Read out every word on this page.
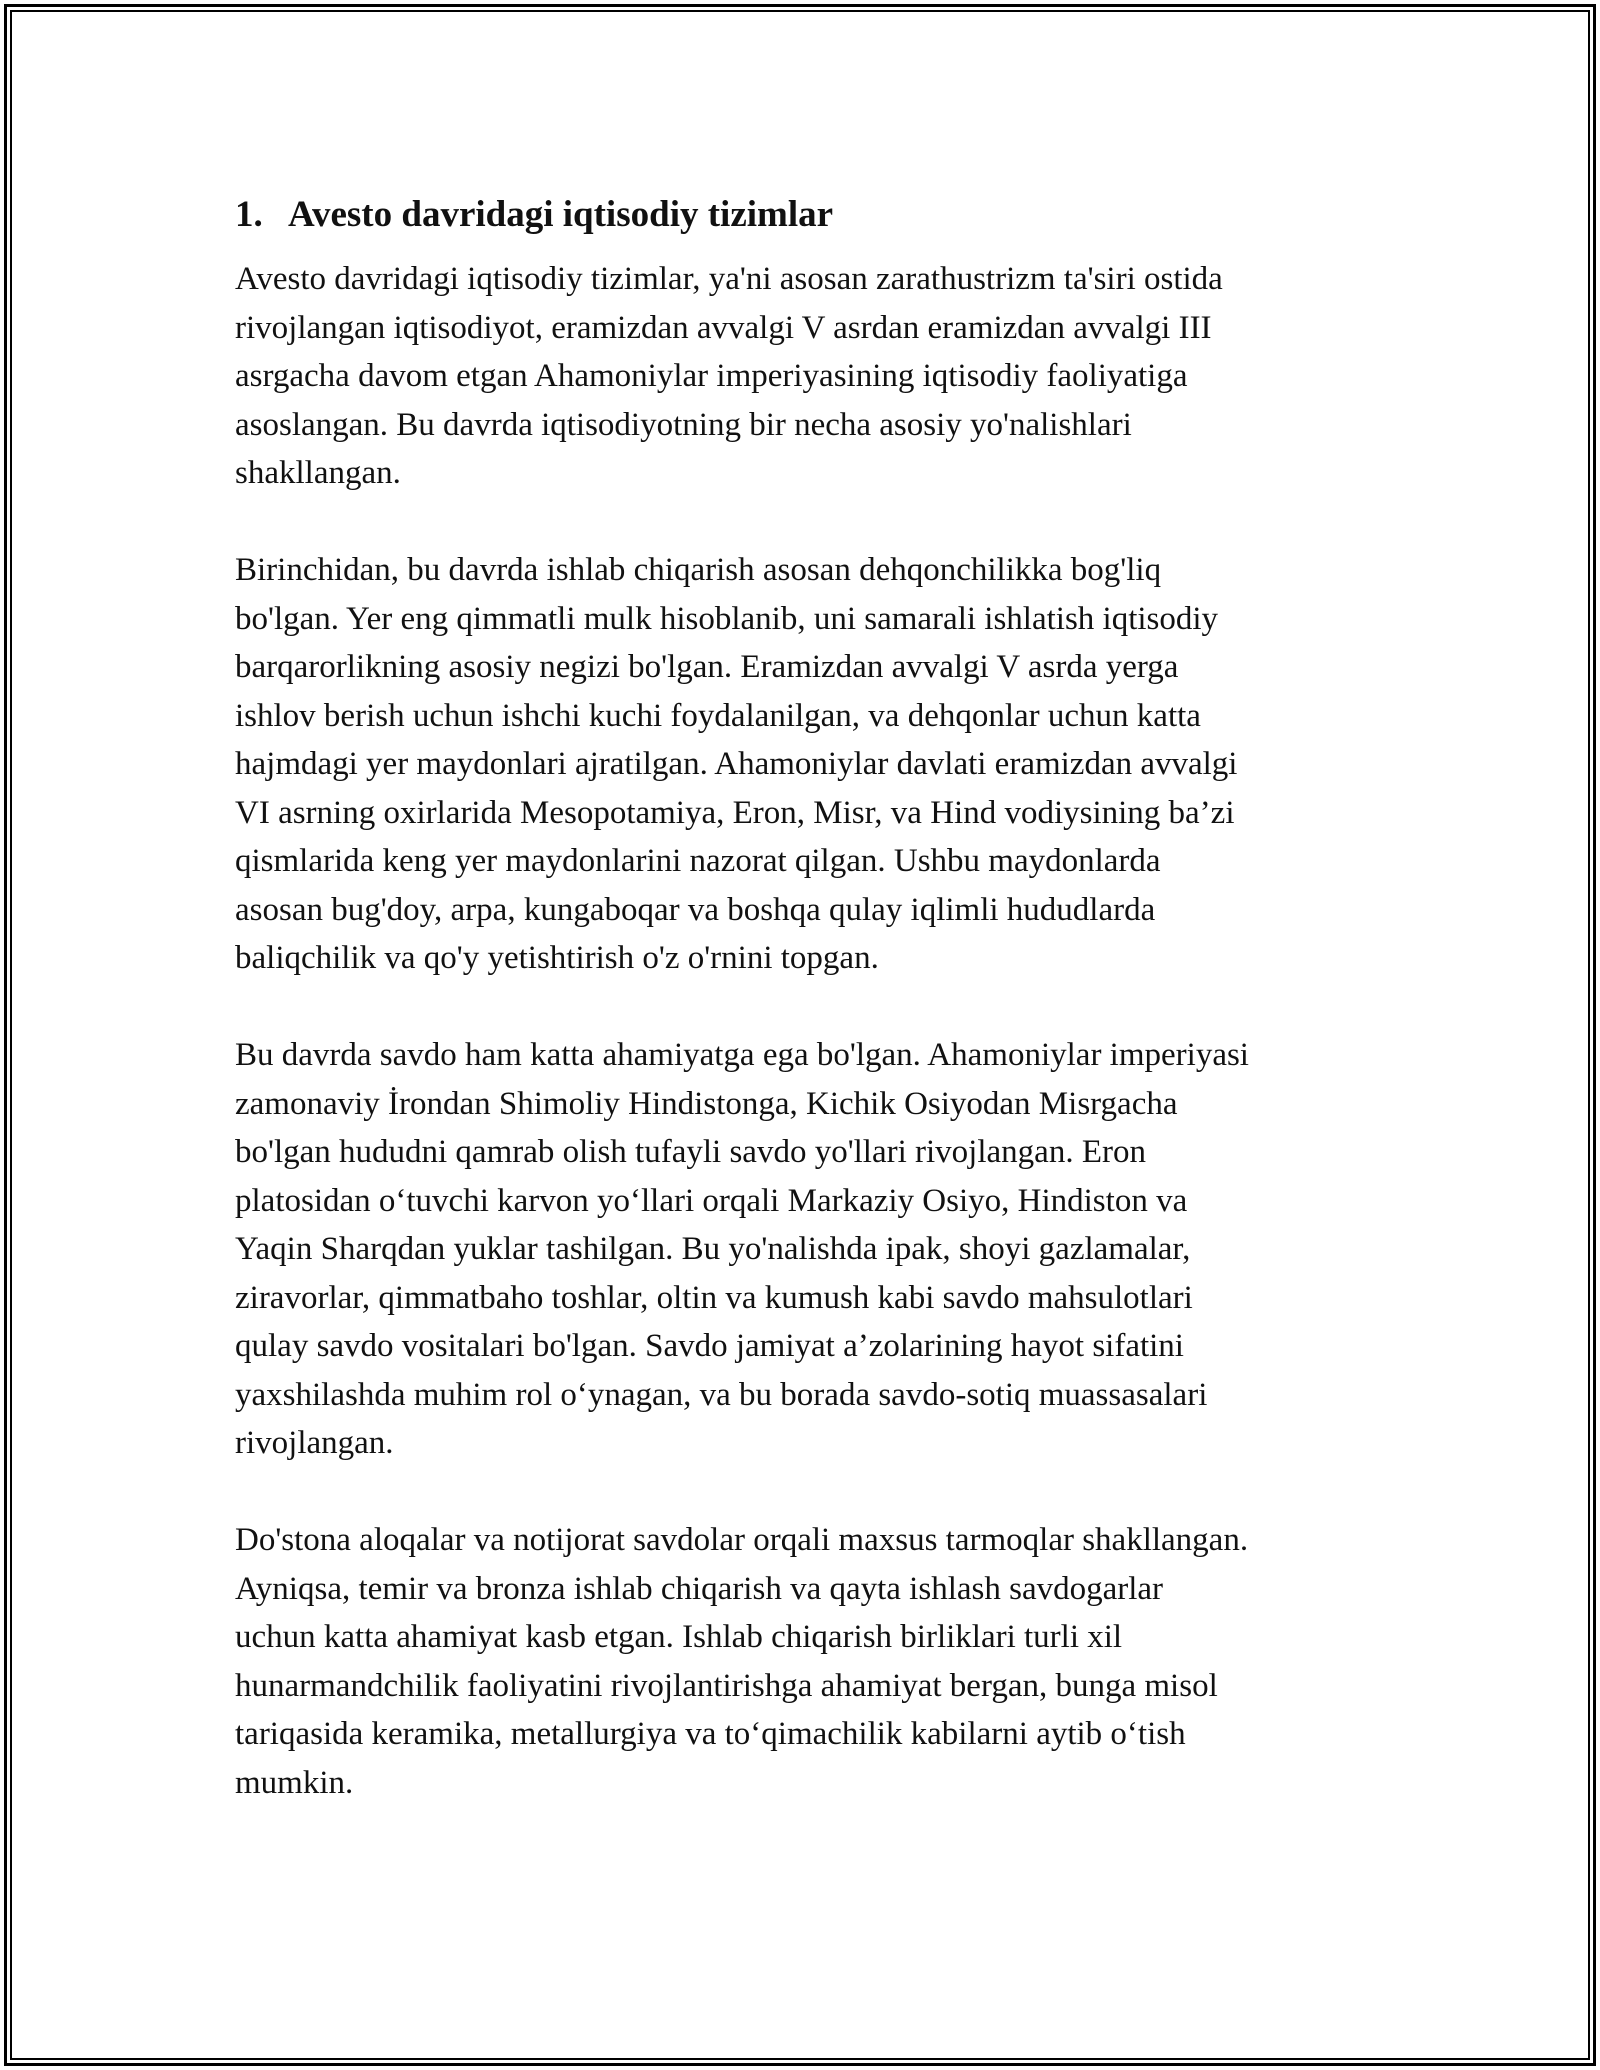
1. Avesto davridagi iqtisodiy tizimlar

Avesto davridagi iqtisodiy tizimlar, ya'ni asosan zarathustrizm ta'siri ostida
rivojlangan iqtisodiyot, eramizdan avvalgi V asrdan eramizdan avvalgi III
asrgacha davom etgan Ahamoniylar imperiyasining iqtisodiy faoliyatiga
asoslangan. Bu davrda iqtisodiyotning bir necha asosiy yo'nalishlari
shakllangan.

Birinchidan, bu davrda ishlab chiqarish asosan dehqonchilikka bog'liq
bo'lgan. Yer eng qimmatli mulk hisoblanib, uni samarali ishlatish iqtisodiy
barqarorlikning asosiy negizi bo'lgan. Eramizdan avvalgi V asrda yerga
ishlov berish uchun ishchi kuchi foydalanilgan, va dehqonlar uchun katta
hajmdagi yer maydonlari ajratilgan. Ahamoniylar davlati eramizdan avvalgi
VI asrning oxirlarida Mesopotamiya, Eron, Misr, va Hind vodiysining ba’zi
qismlarida keng yer maydonlarini nazorat qilgan. Ushbu maydonlarda
asosan bug'doy, arpa, kungaboqar va boshqa qulay iqlimli hududlarda
baliqchilik va qo'y yetishtirish o'z o'rnini topgan.

Bu davrda savdo ham katta ahamiyatga ega bo'lgan. Ahamoniylar imperiyasi
zamonaviy İrondan Shimoliy Hindistonga, Kichik Osiyodan Misrgacha
bo'lgan hududni qamrab olish tufayli savdo yo'llari rivojlangan. Eron
platosidan o‘tuvchi karvon yo‘llari orqali Markaziy Osiyo, Hindiston va
Yaqin Sharqdan yuklar tashilgan. Bu yo'nalishda ipak, shoyi gazlamalar,
ziravorlar, qimmatbaho toshlar, oltin va kumush kabi savdo mahsulotlari
qulay savdo vositalari bo'lgan. Savdo jamiyat a’zolarining hayot sifatini
yaxshilashda muhim rol o‘ynagan, va bu borada savdo-sotiq muassasalari
rivojlangan.

Do'stona aloqalar va notijorat savdolar orqali maxsus tarmoqlar shakllangan.
Ayniqsa, temir va bronza ishlab chiqarish va qayta ishlash savdogarlar
uchun katta ahamiyat kasb etgan. Ishlab chiqarish birliklari turli xil
hunarmandchilik faoliyatini rivojlantirishga ahamiyat bergan, bunga misol
tariqasida keramika, metallurgiya va to‘qimachilik kabilarni aytib o‘tish
mumkin.
